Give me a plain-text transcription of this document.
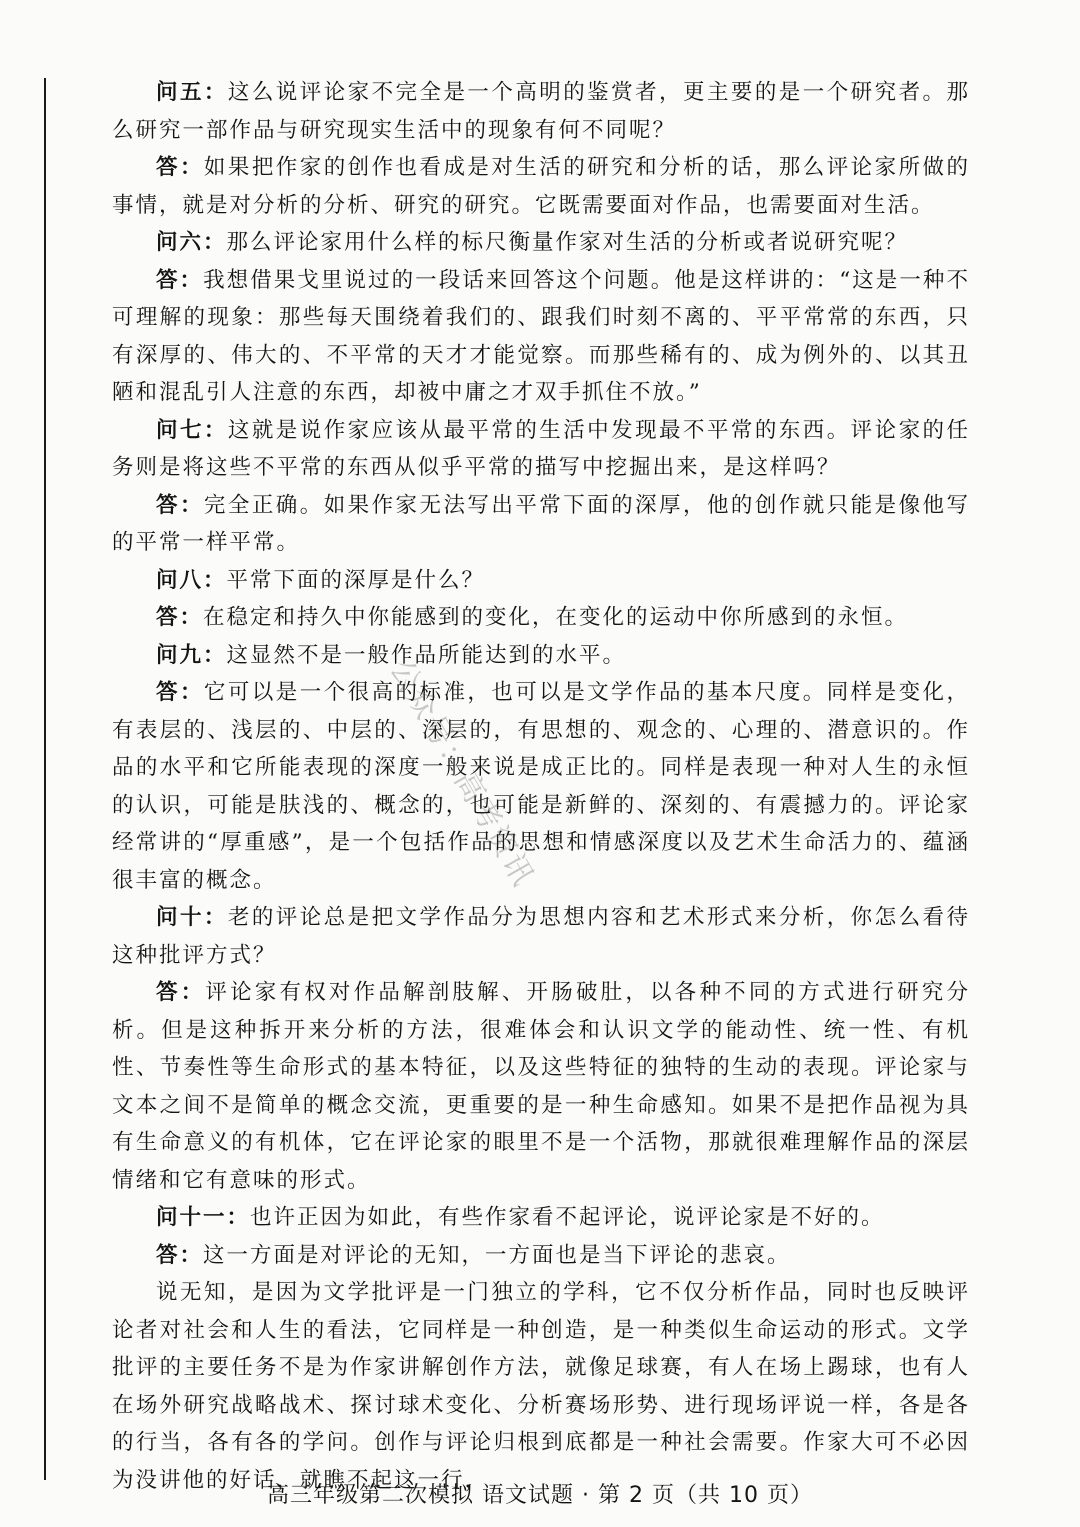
问五：这么说评论家不完全是一个高明的鉴赏者，更主要的是一个研究者。那么研究一部作品与研究现实生活中的现象有何不同呢？

答：如果把作家的创作也看成是对生活的研究和分析的话，那么评论家所做的事情，就是对分析的分析、研究的研究。它既需要面对作品，也需要面对生活。

问六：那么评论家用什么样的标尺衡量作家对生活的分析或者说研究呢？

答：我想借果戈里说过的一段话来回答这个问题。他是这样讲的：“这是一种不可理解的现象：那些每天围绕着我们的、跟我们时刻不离的、平平常常的东西，只有深厚的、伟大的、不平常的天才才能觉察。而那些稀有的、成为例外的、以其丑陋和混乱引人注意的东西，却被中庸之才双手抓住不放。”

问七：这就是说作家应该从最平常的生活中发现最不平常的东西。评论家的任务则是将这些不平常的东西从似乎平常的描写中挖掘出来，是这样吗？

答：完全正确。如果作家无法写出平常下面的深厚，他的创作就只能是像他写的平常一样平常。

问八：平常下面的深厚是什么？

答：在稳定和持久中你能感到的变化，在变化的运动中你所感到的永恒。

问九：这显然不是一般作品所能达到的水平。

答：它可以是一个很高的标准，也可以是文学作品的基本尺度。同样是变化，有表层的、浅层的、中层的、深层的，有思想的、观念的、心理的、潜意识的。作品的水平和它所能表现的深度一般来说是成正比的。同样是表现一种对人生的永恒的认识，可能是肤浅的、概念的，也可能是新鲜的、深刻的、有震撼力的。评论家经常讲的“厚重感”，是一个包括作品的思想和情感深度以及艺术生命活力的、蕴涵很丰富的概念。

问十：老的评论总是把文学作品分为思想内容和艺术形式来分析，你怎么看待这种批评方式？

答：评论家有权对作品解剖肢解、开肠破肚，以各种不同的方式进行研究分析。但是这种拆开来分析的方法，很难体会和认识文学的能动性、统一性、有机性、节奏性等生命形式的基本特征，以及这些特征的独特的生动的表现。评论家与文本之间不是简单的概念交流，更重要的是一种生命感知。如果不是把作品视为具有生命意义的有机体，它在评论家的眼里不是一个活物，那就很难理解作品的深层情绪和它有意味的形式。

问十一：也许正因为如此，有些作家看不起评论，说评论家是不好的。

答：这一方面是对评论的无知，一方面也是当下评论的悲哀。

说无知，是因为文学批评是一门独立的学科，它不仅分析作品，同时也反映评论者对社会和人生的看法，它同样是一种创造，是一种类似生命运动的形式。文学批评的主要任务不是为作家讲解创作方法，就像足球赛，有人在场上踢球，也有人在场外研究战略战术、探讨球术变化、分析赛场形势、进行现场评说一样，各是各的行当，各有各的学问。创作与评论归根到底都是一种社会需要。作家大可不必因为没讲他的好话，就瞧不起这一行，

公众号：高考资讯
高三年级第二次模拟 语文试题 · 第 2 页（共 10 页）
